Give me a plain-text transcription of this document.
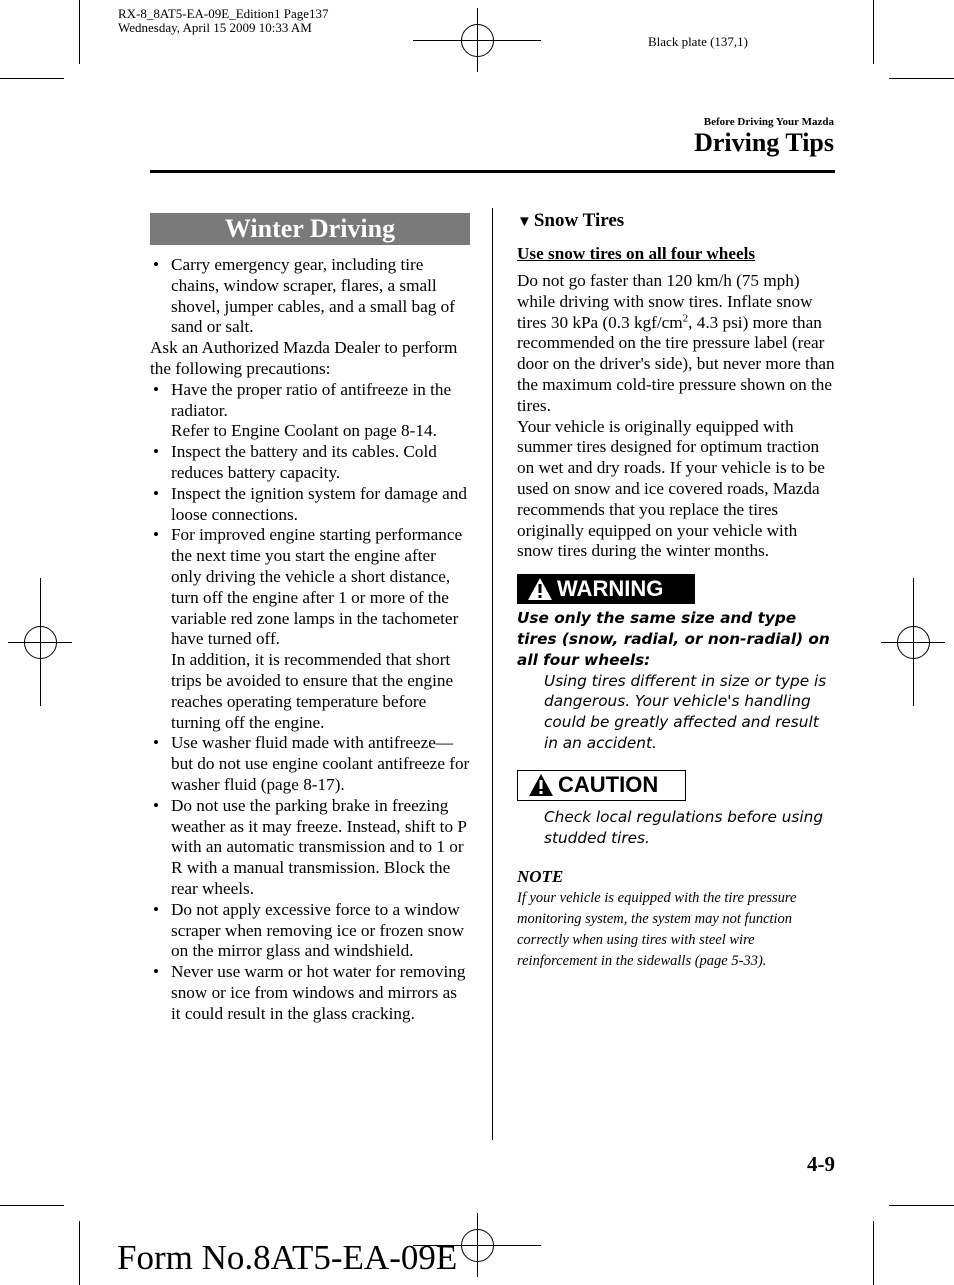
RX-8_8AT5-EA-09E_Edition1 Page137
Wednesday, April 15 2009 10:33 AM
Black plate (137,1)
Before Driving Your Mazda
Driving Tips
Winter Driving
• Carry emergency gear, including tire chains, window scraper, flares, a small shovel, jumper cables, and a small bag of sand or salt.

Ask an Authorized Mazda Dealer to perform the following precautions:

• Have the proper ratio of antifreeze in the radiator.
Refer to Engine Coolant on page 8-14.
• Inspect the battery and its cables. Cold reduces battery capacity.
• Inspect the ignition system for damage and loose connections.
• For improved engine starting performance the next time you start the engine after only driving the vehicle a short distance, turn off the engine after 1 or more of the variable red zone lamps in the tachometer have turned off.
In addition, it is recommended that short trips be avoided to ensure that the engine reaches operating temperature before turning off the engine.
• Use washer fluid made with antifreeze—but do not use engine coolant antifreeze for washer fluid (page 8-17).
• Do not use the parking brake in freezing weather as it may freeze. Instead, shift to P with an automatic transmission and to 1 or R with a manual transmission. Block the rear wheels.
• Do not apply excessive force to a window scraper when removing ice or frozen snow on the mirror glass and windshield.
• Never use warm or hot water for removing snow or ice from windows and mirrors as it could result in the glass cracking.
▼ Snow Tires
Use snow tires on all four wheels

Do not go faster than 120 km/h (75 mph) while driving with snow tires. Inflate snow tires 30 kPa (0.3 kgf/$cm^2$, 4.3 psi) more than recommended on the tire pressure label (rear door on the driver's side), but never more than the maximum cold-tire pressure shown on the tires.

Your vehicle is originally equipped with summer tires designed for optimum traction on wet and dry roads. If your vehicle is to be used on snow and ice covered roads, Mazda recommends that you replace the tires originally equipped on your vehicle with snow tires during the winter months.

WARNING
Use only the same size and type tires (snow, radial, or non-radial) on all four wheels:
Using tires different in size or type is dangerous. Your vehicle's handling could be greatly affected and result in an accident.
CAUTION
Check local regulations before using studded tires.
NOTE
If your vehicle is equipped with the tire pressure monitoring system, the system may not function correctly when using tires with steel wire reinforcement in the sidewalls (page 5-33).
4-9
Form No.8AT5-EA-09E
